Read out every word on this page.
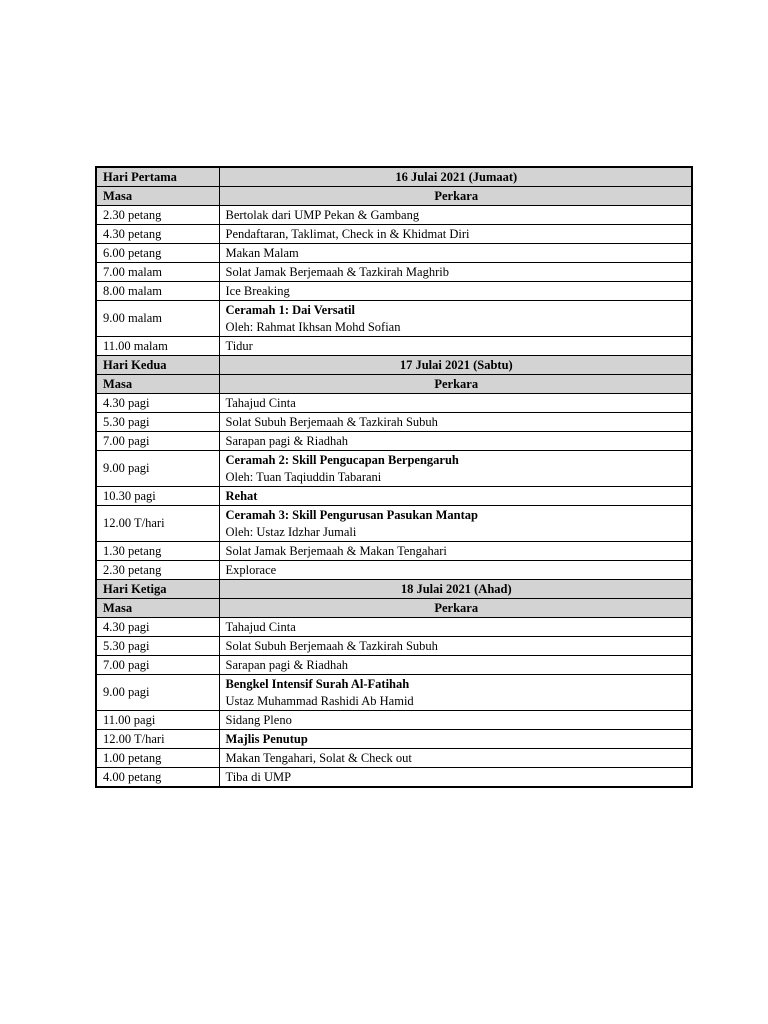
Hari Pertama	16 Julai 2021 (Jumaat)
Masa	Perkara
2.30 petang	Bertolak dari UMP Pekan & Gambang

4.30 petang	Pendaftaran, Taklimat, Check in & Khidmat Diri

6.00 petang	Makan Malam

7.00 malam	Solat Jamak Berjemaah & Tazkirah Maghrib

8.00 malam	Ice Breaking

9.00 malam	Ceramah 1: Dai Versatil
Oleh: Rahmat Ikhsan Mohd Sofian

11.00 malam	Tidur

Hari Kedua	17 Julai 2021 (Sabtu)
Masa	Perkara
4.30 pagi	Tahajud Cinta

5.30 pagi	Solat Subuh Berjemaah & Tazkirah Subuh

7.00 pagi	Sarapan pagi & Riadhah

9.00 pagi	Ceramah 2: Skill Pengucapan Berpengaruh
Oleh: Tuan Taqiuddin Tabarani

10.30 pagi	Rehat

12.00 T/hari	Ceramah 3: Skill Pengurusan Pasukan Mantap
Oleh: Ustaz Idzhar Jumali

1.30 petang	Solat Jamak Berjemaah & Makan Tengahari

2.30 petang	Explorace

Hari Ketiga	18 Julai 2021 (Ahad)
Masa	Perkara
4.30 pagi	Tahajud Cinta

5.30 pagi	Solat Subuh Berjemaah & Tazkirah Subuh

7.00 pagi	Sarapan pagi & Riadhah

9.00 pagi	Bengkel Intensif Surah Al-Fatihah
Ustaz Muhammad Rashidi Ab Hamid

11.00 pagi	Sidang Pleno

12.00 T/hari	Majlis Penutup

1.00 petang	Makan Tengahari, Solat & Check out

4.00 petang	Tiba di UMP
